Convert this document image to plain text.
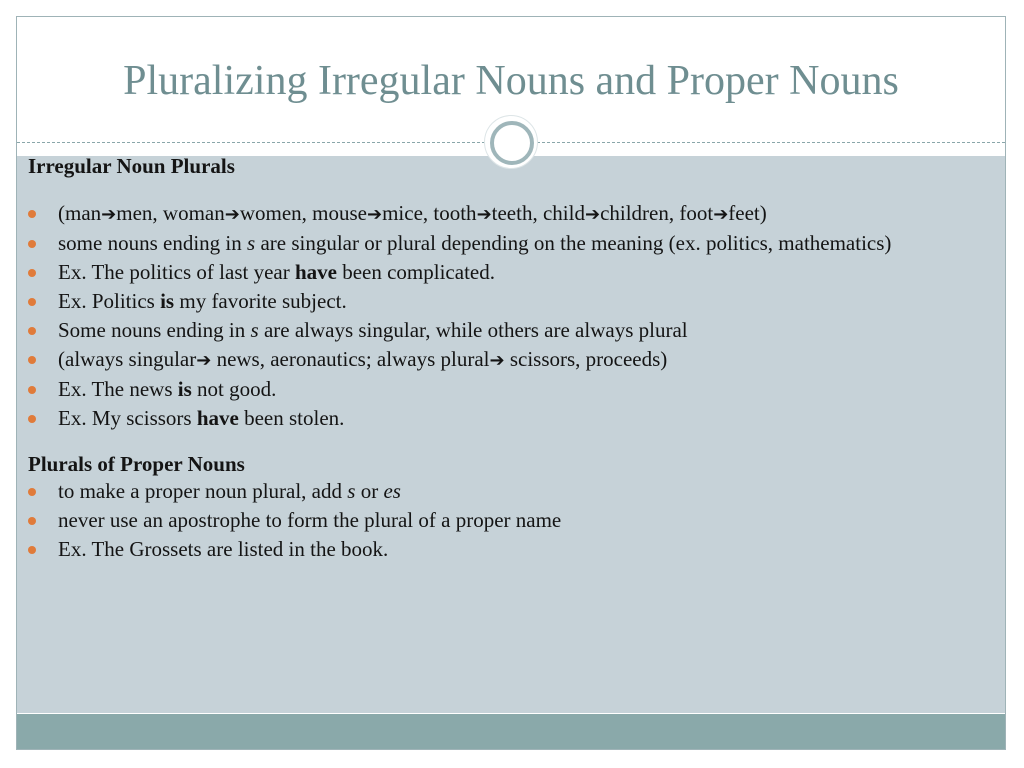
Pluralizing Irregular Nouns and Proper Nouns

Irregular Noun Plurals

(man➔men, woman➔women, mouse➔mice, tooth➔teeth, child➔children, foot➔feet)
some nouns ending in s are singular or plural depending on the meaning (ex. politics, mathematics)
Ex. The politics of last year have been complicated.
Ex. Politics is my favorite subject.
Some nouns ending in s are always singular, while others are always plural
(always singular➔ news, aeronautics; always plural➔ scissors, proceeds)
Ex. The news is not good.
Ex. My scissors have been stolen.

Plurals of Proper Nouns

to make a proper noun plural, add s or es
never use an apostrophe to form the plural of a proper name
Ex. The Grossets are listed in the book.
